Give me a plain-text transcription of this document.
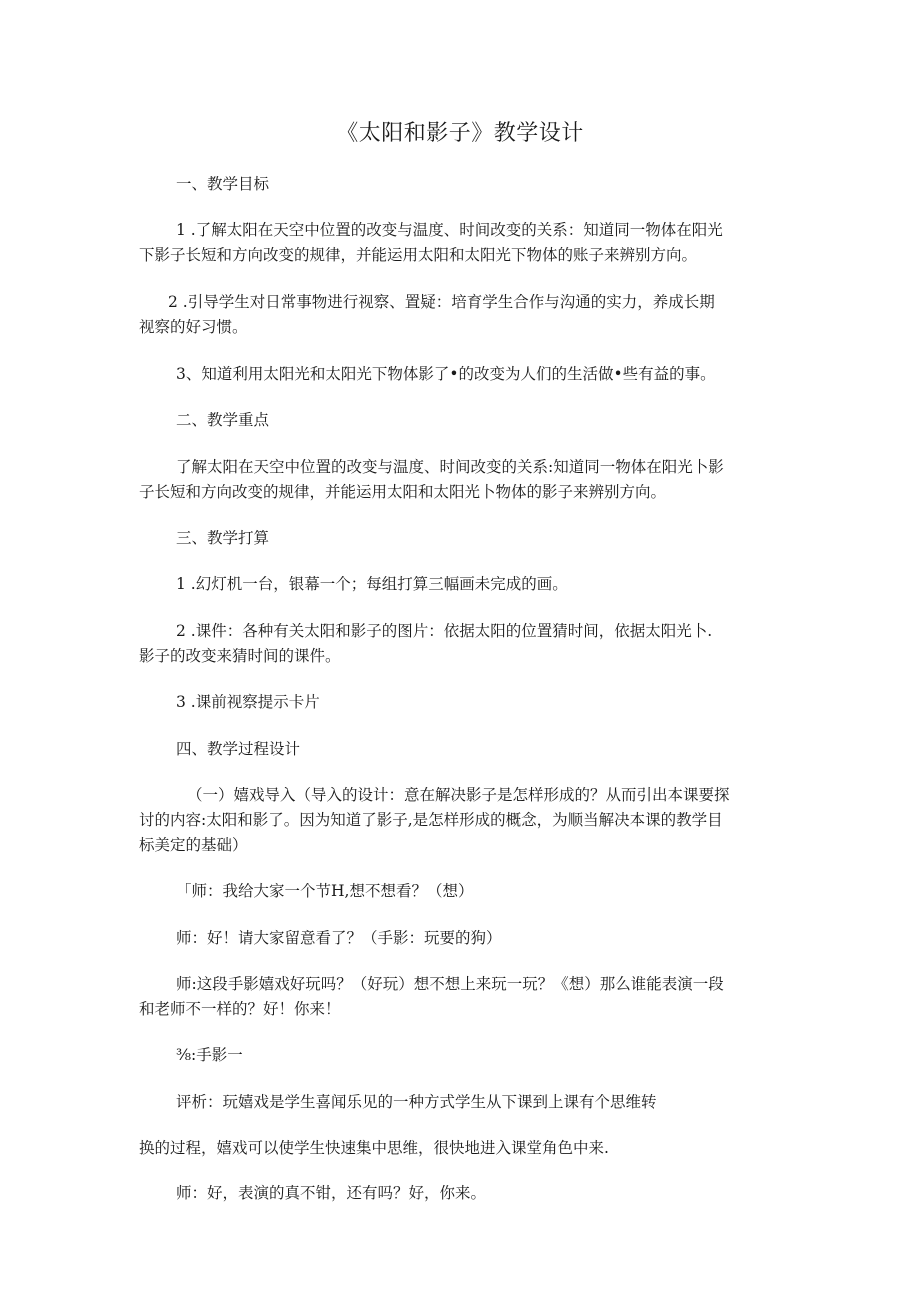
《太阳和影子》教学设计

一、教学目标

1 .了解太阳在天空中位置的改变与温度、时间改变的关系：知道同一物体在阳光

下影子长短和方向改变的规律，并能运用太阳和太阳光下物体的账子来辨别方向。

2 .引导学生对日常事物进行视察、置疑：培育学生合作与沟通的实力，养成长期

视察的好习惯。

3、知道利用太阳光和太阳光下物体影了•的改变为人们的生活做•些有益的事。

二、教学重点

了解太阳在天空中位置的改变与温度、时间改变的关系:知道同一物体在阳光卜影

子长短和方向改变的规律，并能运用太阳和太阳光卜物体的影子来辨别方向。

三、教学打算

1 .幻灯机一台，银幕一个；每组打算三幅画未完成的画。

2 .课件：各种有关太阳和影子的图片：依据太阳的位置猜时间，依据太阳光卜.

影子的改变来猜时间的课件。

3 .课前视察提示卡片

四、教学过程设计

（一）嬉戏导入（导入的设计：意在解决影子是怎样形成的？从而引出本课要探

讨的内容:太阳和影了。因为知道了影子,是怎样形成的概念，为顺当解决本课的教学目

标美定的基础）

「师：我给大家一个节H,想不想看？（想）

师：好！请大家留意看了？（手影：玩要的狗）

师:这段手影嬉戏好玩吗？（好玩）想不想上来玩一玩？《想）那么谁能表演一段

和老师不一样的？好！你来！

⅜:手影一

评析：玩嬉戏是学生喜闻乐见的一种方式学生从下课到上课有个思维转

换的过程，嬉戏可以使学生快速集中思维，很快地进入课堂角色中来.

师：好，表演的真不钳，还有吗？好，你来。
